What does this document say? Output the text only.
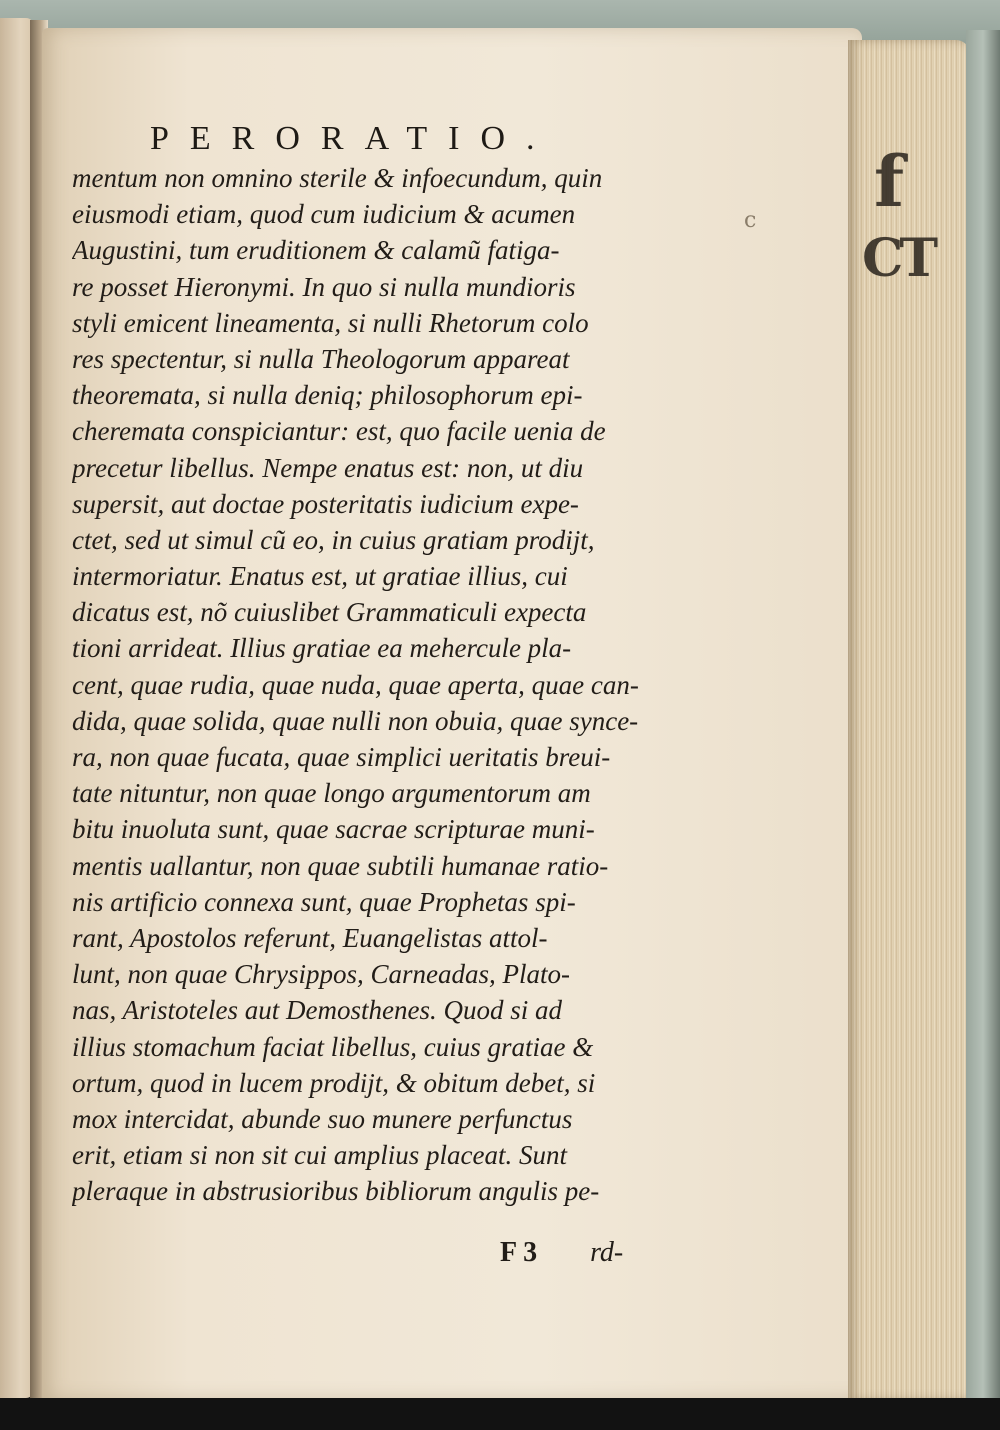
f
CT
PERORATIO.
c
mentum non omnino sterile & infoecundum, quin
eiusmodi etiam, quod cum iudicium & acumen
Augustini, tum eruditionem & calamũ fatiga-
re posset Hieronymi. In quo si nulla mundioris
styli emicent lineamenta, si nulli Rhetorum colo
res spectentur, si nulla Theologorum appareat
theoremata, si nulla deniq; philosophorum epi-
cheremata conspiciantur: est, quo facile uenia de
precetur libellus. Nempe enatus est: non, ut diu
supersit, aut doctae posteritatis iudicium expe-
ctet, sed ut simul cũ eo, in cuius gratiam prodijt,
intermoriatur. Enatus est, ut gratiae illius, cui
dicatus est, nõ cuiuslibet Grammaticuli expecta
tioni arrideat. Illius gratiae ea mehercule pla-
cent, quae rudia, quae nuda, quae aperta, quae can-
dida, quae solida, quae nulli non obuia, quae synce-
ra, non quae fucata, quae simplici ueritatis breui-
tate nituntur, non quae longo argumentorum am
bitu inuoluta sunt, quae sacrae scripturae muni-
mentis uallantur, non quae subtili humanae ratio-
nis artificio connexa sunt, quae Prophetas spi-
rant, Apostolos referunt, Euangelistas attol-
lunt, non quae Chrysippos, Carneadas, Plato-
nas, Aristoteles aut Demosthenes. Quod si ad
illius stomachum faciat libellus, cuius gratiae &
ortum, quod in lucem prodijt, & obitum debet, si
mox intercidat, abunde suo munere perfunctus
erit, etiam si non sit cui amplius placeat. Sunt
pleraque in abstrusioribus bibliorum angulis pe-
F 3 rd-
